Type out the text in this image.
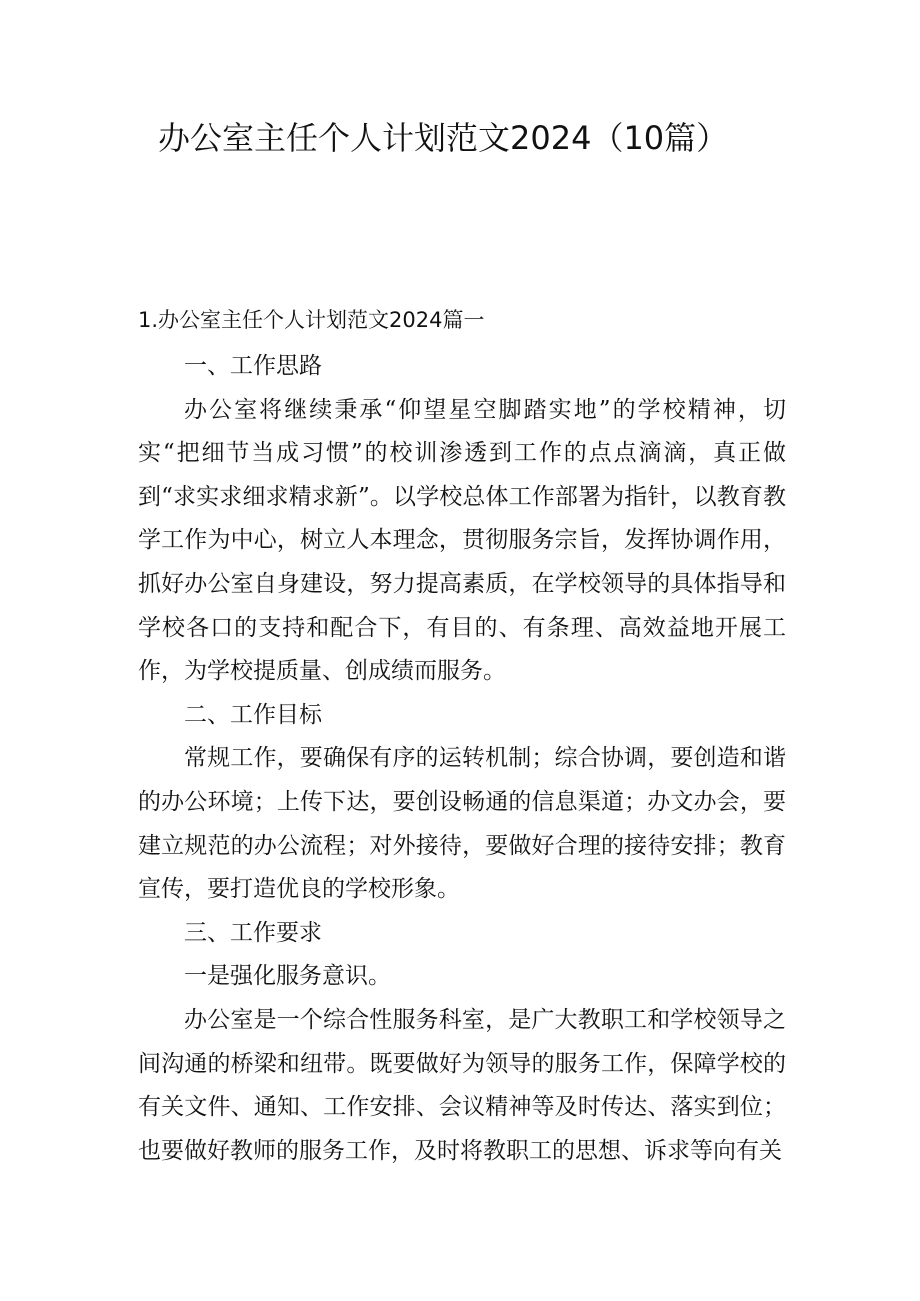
办公室主任个人计划范文2024（10篇）
1.办公室主任个人计划范文2024篇一

一、工作思路

办公室将继续秉承“仰望星空脚踏实地”的学校精神，切实“把细节当成习惯”的校训渗透到工作的点点滴滴，真正做到“求实求细求精求新”。以学校总体工作部署为指针，以教育教学工作为中心，树立人本理念，贯彻服务宗旨，发挥协调作用，抓好办公室自身建设，努力提高素质，在学校领导的具体指导和学校各口的支持和配合下，有目的、有条理、高效益地开展工作，为学校提质量、创成绩而服务。

二、工作目标

常规工作，要确保有序的运转机制；综合协调，要创造和谐的办公环境；上传下达，要创设畅通的信息渠道；办文办会，要建立规范的办公流程；对外接待，要做好合理的接待安排；教育宣传，要打造优良的学校形象。

三、工作要求

一是强化服务意识。

办公室是一个综合性服务科室，是广大教职工和学校领导之间沟通的桥梁和纽带。既要做好为领导的服务工作，保障学校的有关文件、通知、工作安排、会议精神等及时传达、落实到位；也要做好教师的服务工作，及时将教职工的思想、诉求等向有关
